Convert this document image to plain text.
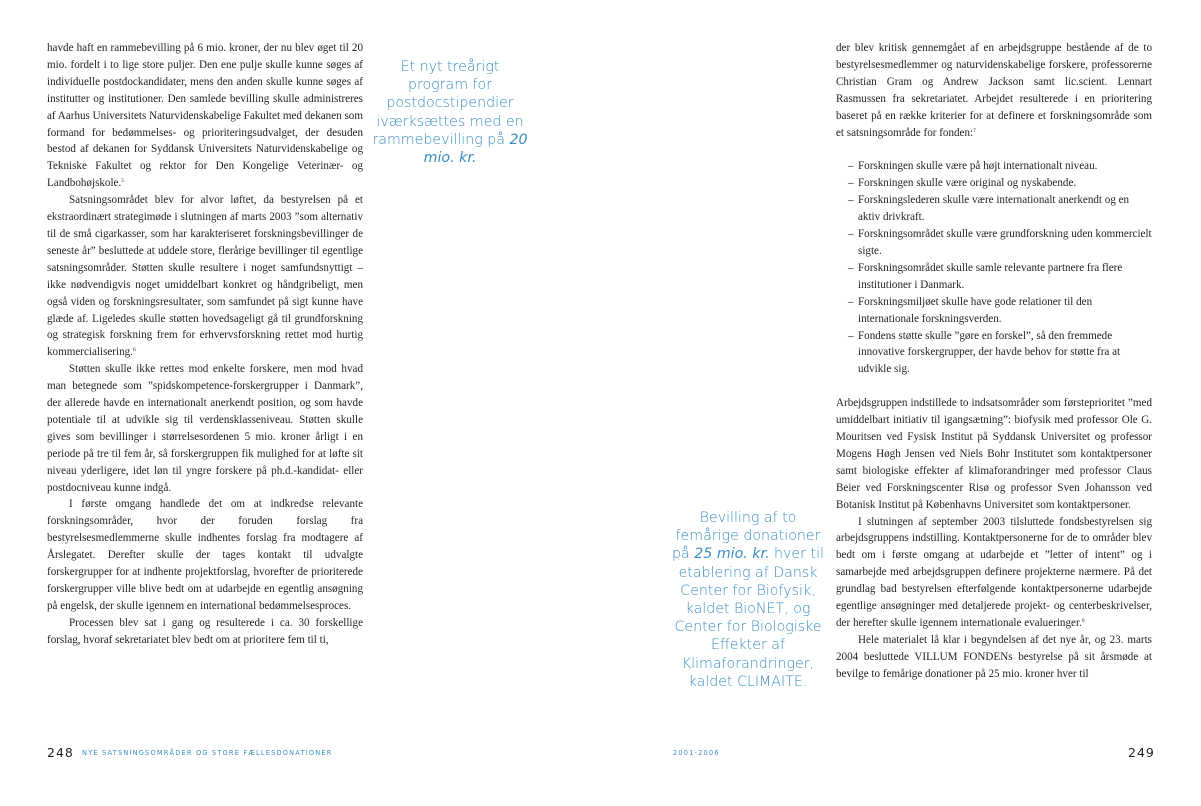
havde haft en rammebevilling på 6 mio. kroner, der nu blev øget til 20 mio. fordelt i to lige store puljer. Den ene pulje skulle kunne søges af individuelle postdockandidater, mens den anden skulle kunne søges af institutter og institutioner. Den samlede bevilling skulle administreres af Aarhus Universitets Naturvidenskabelige Fakultet med dekanen som formand for bedømmelses- og prioriteringsudvalget, der desuden bestod af dekanen for Syddansk Universitets Naturvidenskabelige og Tekniske Fakultet og rektor for Den Kongelige Veterinær- og Landbohøjskole.$^5$

Satsningsområdet blev for alvor løftet, da bestyrelsen på et ekstraordinært strategimøde i slutningen af marts 2003 ”som alternativ til de små cigarkasser, som har karakteriseret forskningsbevillinger de seneste år” besluttede at uddele store, flerårige bevillinger til egentlige satsningsområder. Støtten skulle resultere i noget samfundsnyttigt – ikke nødvendigvis noget umiddelbart konkret og håndgribeligt, men også viden og forskningsresultater, som samfundet på sigt kunne have glæde af. Ligeledes skulle støtten hovedsageligt gå til grundforskning og strategisk forskning frem for erhvervsforskning rettet mod hurtig kommercialisering.$^6$

Støtten skulle ikke rettes mod enkelte forskere, men mod hvad man betegnede som ”spidskompetence-forskergrupper i Danmark”, der allerede havde en internationalt anerkendt position, og som havde potentiale til at udvikle sig til verdensklasseniveau. Støtten skulle gives som bevillinger i størrelsesordenen 5 mio. kroner årligt i en periode på tre til fem år, så forskergruppen fik mulighed for at løfte sit niveau yderligere, idet løn til yngre forskere på ph.d.-kandidat- eller postdocniveau kunne indgå.

I første omgang handlede det om at indkredse relevante forskningsområder, hvor der foruden forslag fra bestyrelsesmedlemmerne skulle indhentes forslag fra modtagere af Årslegatet. Derefter skulle der tages kontakt til udvalgte forskergrupper for at indhente projektforslag, hvorefter de prioriterede forskergrupper ville blive bedt om at udarbejde en egentlig ansøgning på engelsk, der skulle igennem en international bedømmelsesproces.

Processen blev sat i gang og resulterede i ca. 30 forskellige forslag, hvoraf sekretariatet blev bedt om at prioritere fem til ti,

Et nyt treårigt program for postdocstipendier iværksættes med en rammebevilling på 20 mio. kr.
248 NYE SATSNINGSOMRÅDER OG STORE FÆLLESDONATIONER

der blev kritisk gennemgået af en arbejdsgruppe bestående af de to bestyrelsesmedlemmer og naturvidenskabelige forskere, professorerne Christian Gram og Andrew Jackson samt lic.scient. Lennart Rasmussen fra sekretariatet. Arbejdet resulterede i en prioritering baseret på en række kriterier for at definere et forskningsområde som et satsningsområde for fonden:$^7$

– Forskningen skulle være på højt internationalt niveau.
– Forskningen skulle være original og nyskabende.
– Forskningslederen skulle være internationalt anerkendt og en aktiv drivkraft.
– Forskningsområdet skulle være grundforskning uden kommercielt sigte.
– Forskningsområdet skulle samle relevante partnere fra flere institutioner i Danmark.
– Forskningsmiljøet skulle have gode relationer til den internationale forskningsverden.
– Fondens støtte skulle ”gøre en forskel”, så den fremmede innovative forskergrupper, der havde behov for støtte fra at udvikle sig.

Arbejdsgruppen indstillede to indsatsområder som førsteprioritet ”med umiddelbart initiativ til igangsætning”: biofysik med professor Ole G. Mouritsen ved Fysisk Institut på Syddansk Universitet og professor Mogens Høgh Jensen ved Niels Bohr Institutet som kontaktpersoner samt biologiske effekter af klimaforandringer med professor Claus Beier ved Forskningscenter Risø og professor Sven Johansson ved Botanisk Institut på Københavns Universitet som kontaktpersoner.

I slutningen af september 2003 tilsluttede fondsbestyrelsen sig arbejdsgruppens indstilling. Kontaktpersonerne for de to områder blev bedt om i første omgang at udarbejde et ”letter of intent” og i samarbejde med arbejdsgruppen definere projekterne nærmere. På det grundlag bad bestyrelsen efterfølgende kontaktpersonerne udarbejde egentlige ansøgninger med detaljerede projekt- og centerbeskrivelser, der herefter skulle igennem internationale evalueringer.$^8$

Hele materialet lå klar i begyndelsen af det nye år, og 23. marts 2004 besluttede VILLUM FONDENs bestyrelse på sit årsmøde at bevilge to femårige donationer på 25 mio. kroner hver til

Bevilling af to femårige donationer på 25 mio. kr. hver til etablering af Dansk Center for Biofysik, kaldet BioNET, og Center for Biologiske Effekter af Klimaforandringer, kaldet CLIMAITE.
2001-2006	249
